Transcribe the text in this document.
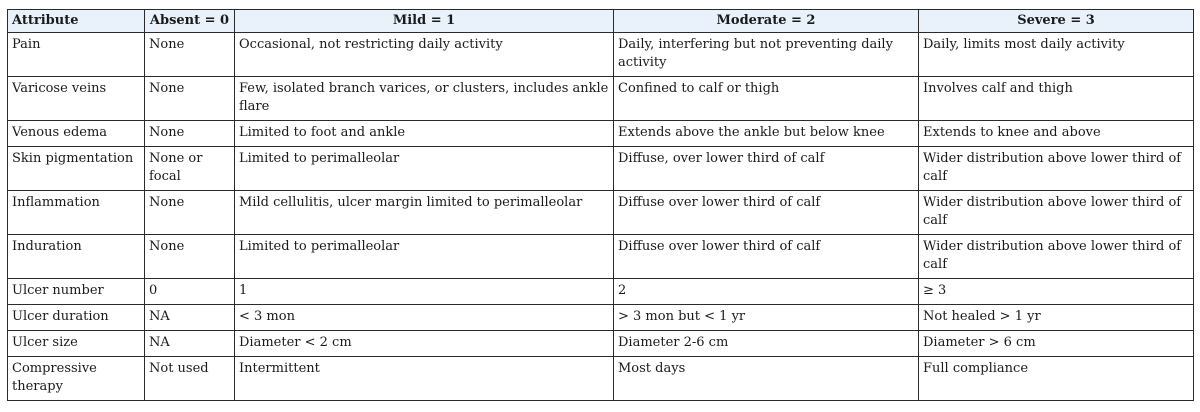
Attribute	Absent = 0	Mild = 1	Moderate = 2	Severe = 3
Pain	None	Occasional, not restricting daily activity	Daily, interfering but not preventing daily activity	Daily, limits most daily activity
Varicose veins	None	Few, isolated branch varices, or clusters, includes ankle flare	Confined to calf or thigh	Involves calf and thigh
Venous edema	None	Limited to foot and ankle	Extends above the ankle but below knee	Extends to knee and above
Skin pigmentation	None or focal	Limited to perimalleolar	Diffuse, over lower third of calf	Wider distribution above lower third of calf
Inflammation	None	Mild cellulitis, ulcer margin limited to perimalleolar	Diffuse over lower third of calf	Wider distribution above lower third of calf
Induration	None	Limited to perimalleolar	Diffuse over lower third of calf	Wider distribution above lower third of calf
Ulcer number	0	1	2	≥ 3
Ulcer duration	NA	< 3 mon	> 3 mon but < 1 yr	Not healed > 1 yr
Ulcer size	NA	Diameter < 2 cm	Diameter 2-6 cm	Diameter > 6 cm
Compressive therapy	Not used	Intermittent	Most days	Full compliance
